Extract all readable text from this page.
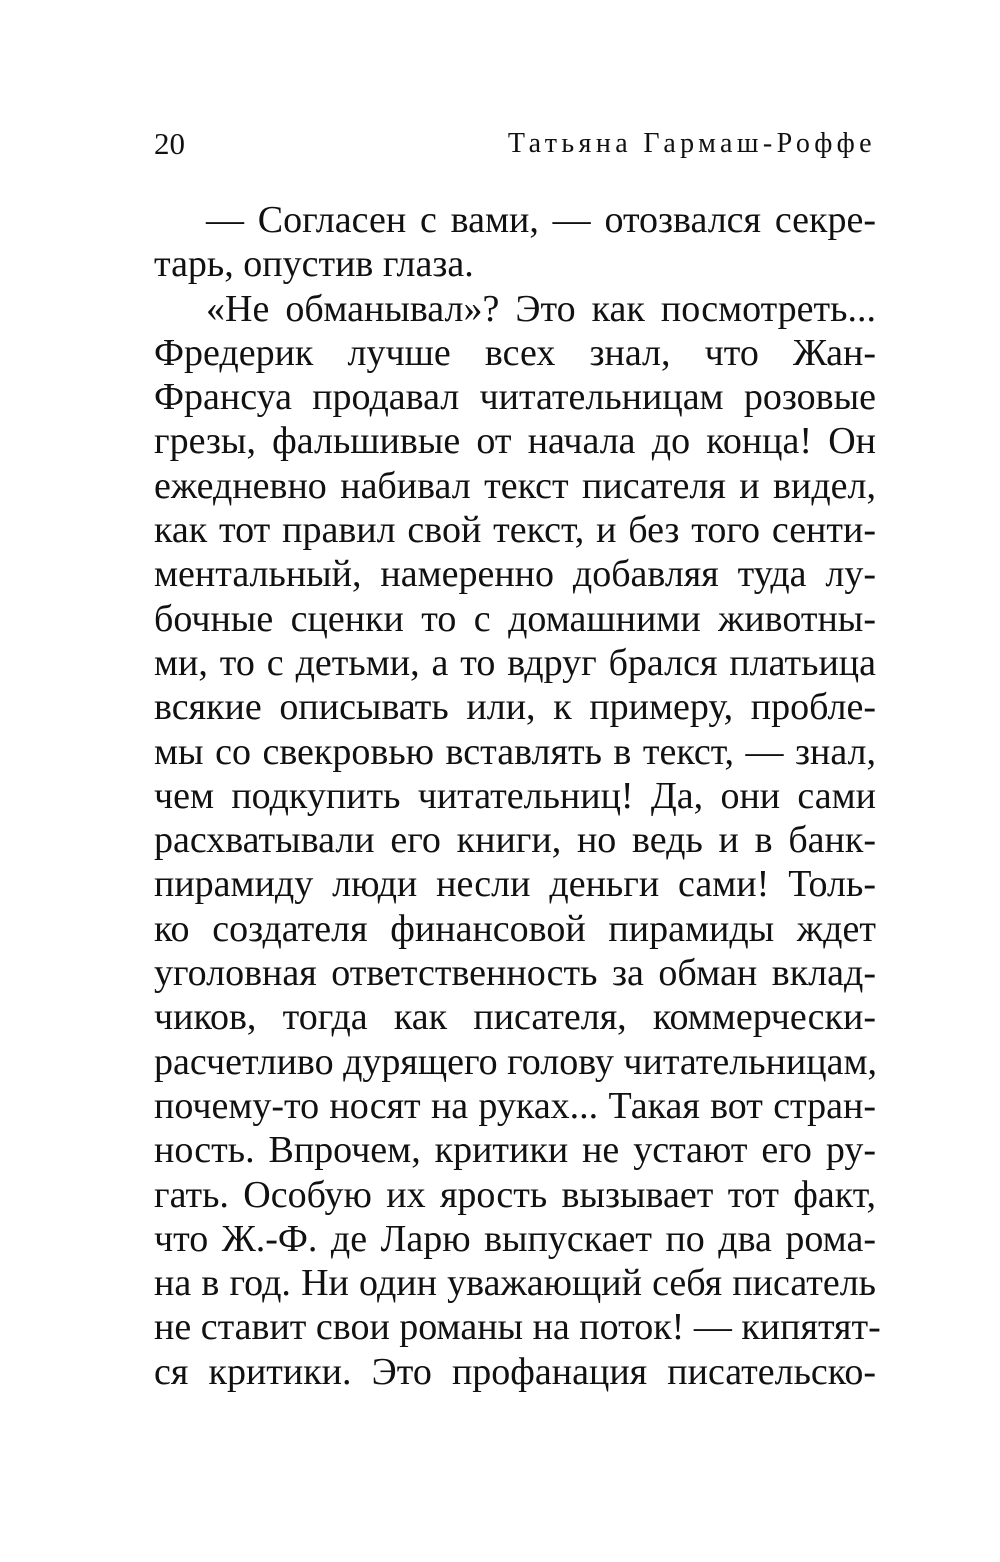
20	Татьяна Гармаш-Роффе
— Согласен с вами, — отозвался секре-
тарь, опустив глаза.
«Не обманывал»? Это как посмотреть...
Фредерик лучше всех знал, что Жан-
Франсуа продавал читательницам розовые
грезы, фальшивые от начала до конца! Он
ежедневно набивал текст писателя и видел,
как тот правил свой текст, и без того сенти-
ментальный, намеренно добавляя туда лу-
бочные сценки то с домашними животны-
ми, то с детьми, а то вдруг брался платьица
всякие описывать или, к примеру, пробле-
мы со свекровью вставлять в текст, — знал,
чем подкупить читательниц! Да, они сами
расхватывали его книги, но ведь и в банк-
пирамиду люди несли деньги сами! Толь-
ко создателя финансовой пирамиды ждет
уголовная ответственность за обман вклад-
чиков, тогда как писателя, коммерчески-
расчетливо дурящего голову читательницам,
почему-то носят на руках... Такая вот стран-
ность. Впрочем, критики не устают его ру-
гать. Особую их ярость вызывает тот факт,
что Ж.-Ф. де Ларю выпускает по два рома-
на в год. Ни один уважающий себя писатель
не ставит свои романы на поток! — кипятят-
ся критики. Это профанация писательско-
